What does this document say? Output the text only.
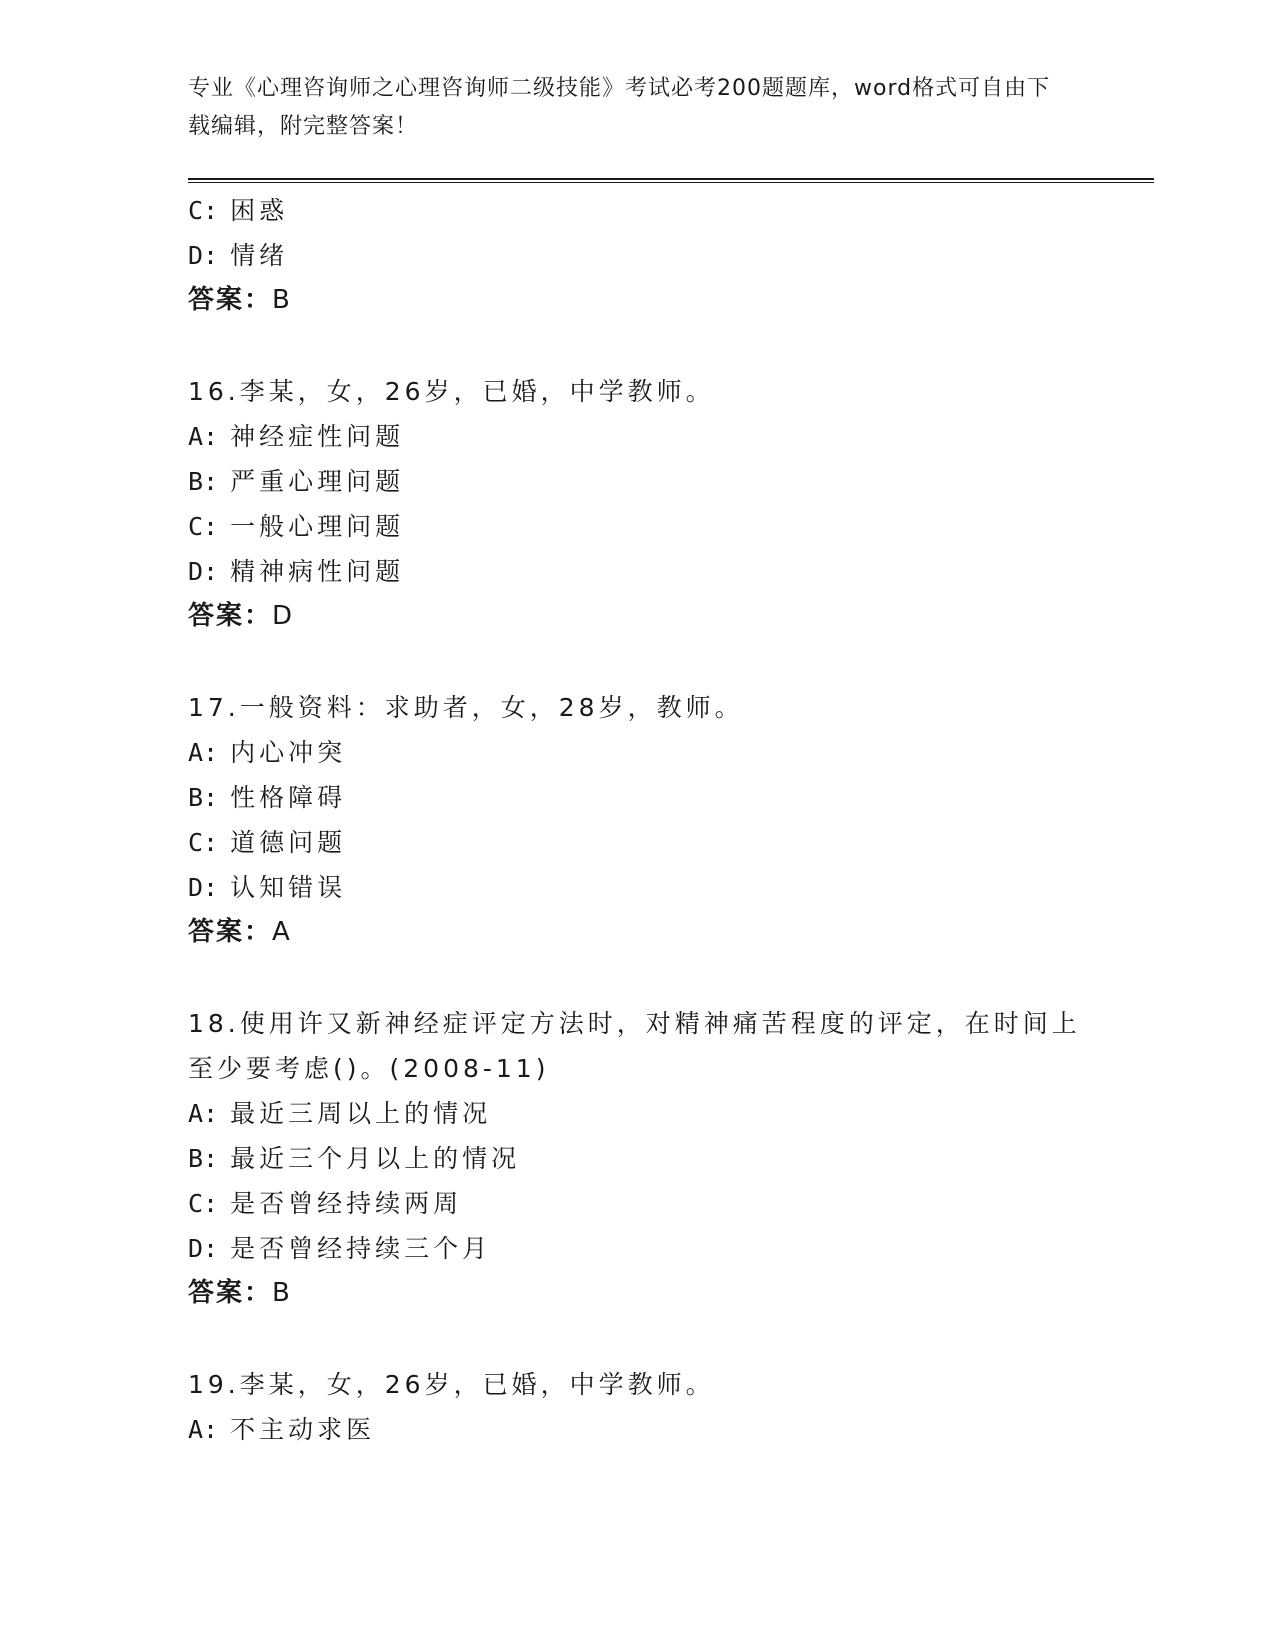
专业《心理咨询师之心理咨询师二级技能》考试必考200题题库，word格式可自由下载编辑，附完整答案！
C: 困惑
D: 情绪
答案：B
16.李某，女，26岁，已婚，中学教师。
A: 神经症性问题
B: 严重心理问题
C: 一般心理问题
D: 精神病性问题
答案：D
17.一般资料：求助者，女，28岁，教师。
A: 内心冲突
B: 性格障碍
C: 道德问题
D: 认知错误
答案：A
18.使用许又新神经症评定方法时，对精神痛苦程度的评定，在时间上
至少要考虑()。(2008-11)
A: 最近三周以上的情况
B: 最近三个月以上的情况
C: 是否曾经持续两周
D: 是否曾经持续三个月
答案：B
19.李某，女，26岁，已婚，中学教师。
A: 不主动求医
